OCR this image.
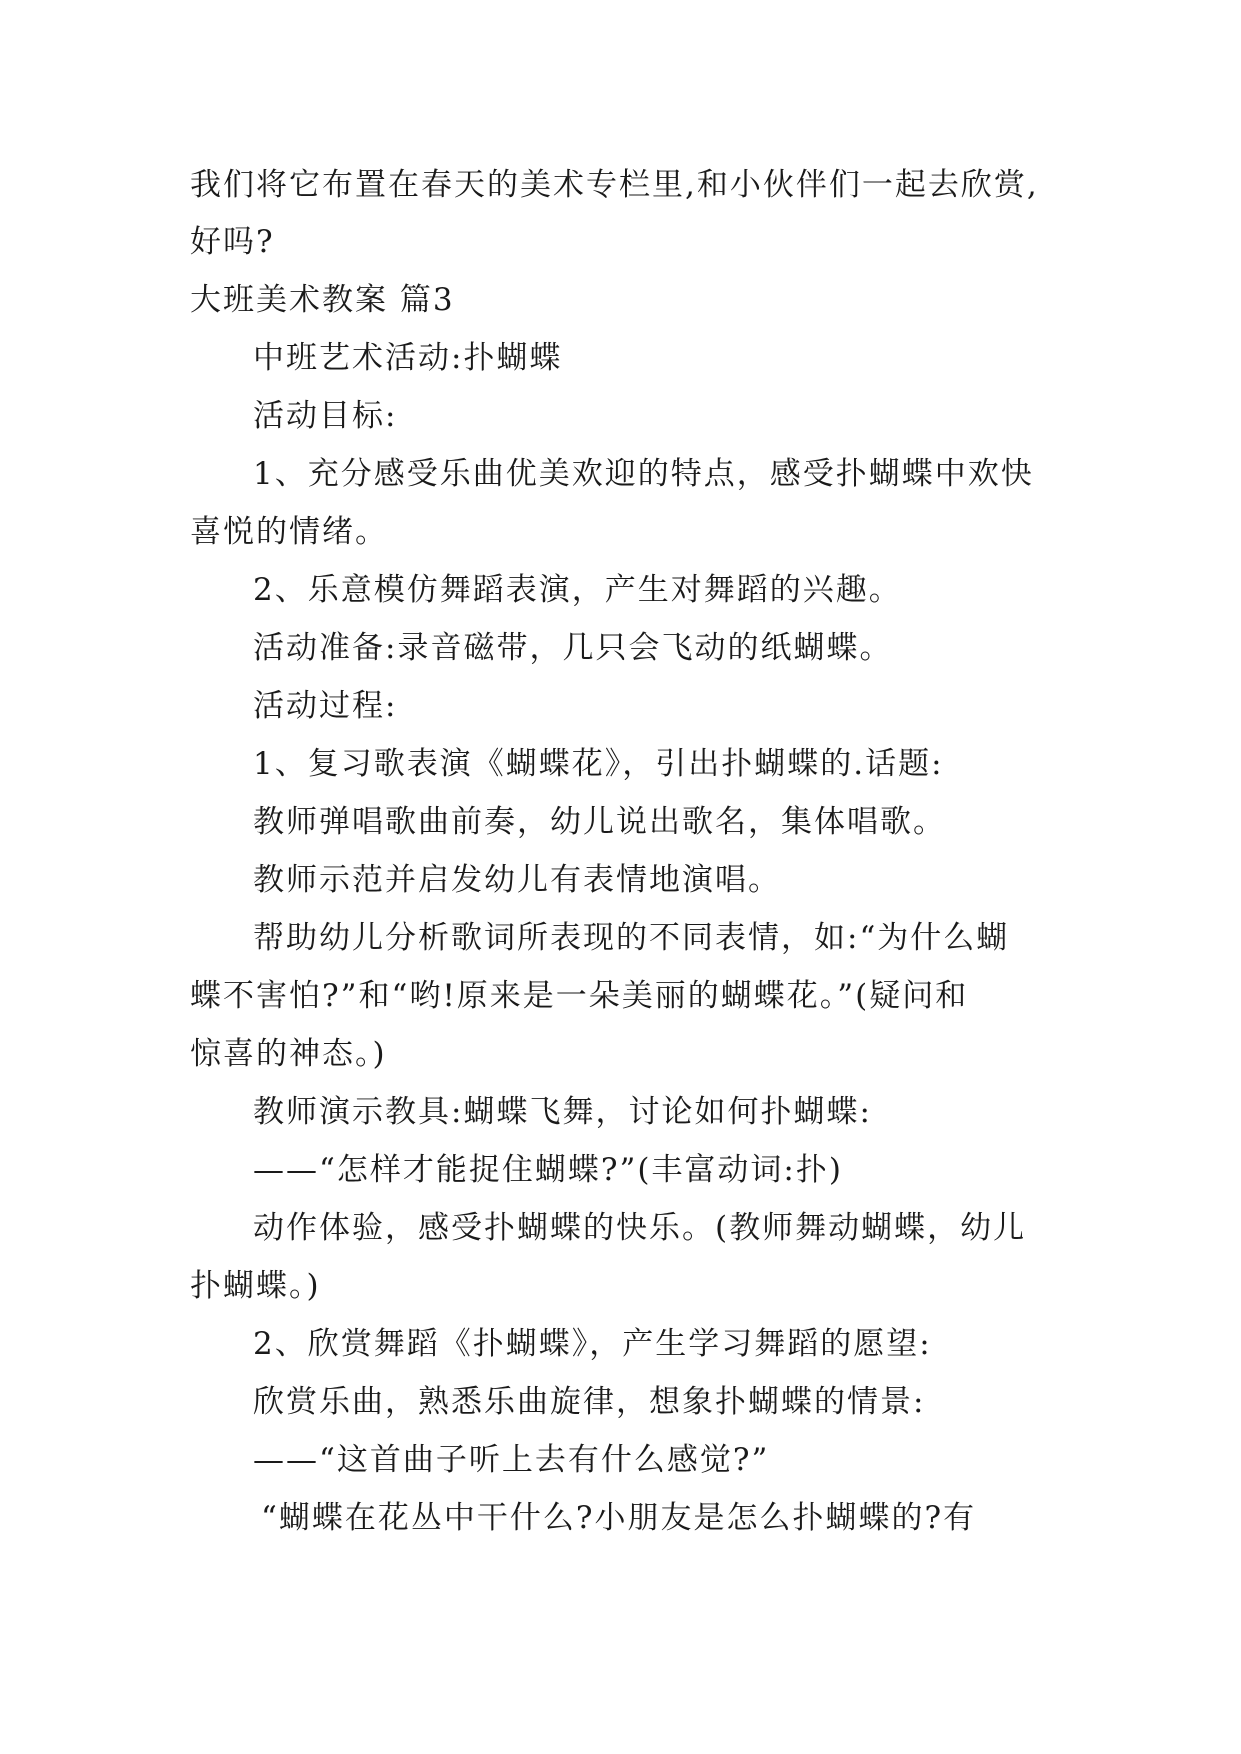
我们将它布置在春天的美术专栏里,和小伙伴们一起去欣赏,
好吗?
大班美术教案 篇3
中班艺术活动:扑蝴蝶
活动目标:
1、充分感受乐曲优美欢迎的特点，感受扑蝴蝶中欢快
喜悦的情绪。
2、乐意模仿舞蹈表演，产生对舞蹈的兴趣。
活动准备:录音磁带，几只会飞动的纸蝴蝶。
活动过程:
1、复习歌表演《蝴蝶花》，引出扑蝴蝶的.话题:
教师弹唱歌曲前奏，幼儿说出歌名，集体唱歌。
教师示范并启发幼儿有表情地演唱。
帮助幼儿分析歌词所表现的不同表情，如:“为什么蝴
蝶不害怕?”和“哟!原来是一朵美丽的蝴蝶花。”(疑问和
惊喜的神态。)
教师演示教具:蝴蝶飞舞，讨论如何扑蝴蝶:
——“怎样才能捉住蝴蝶?”(丰富动词:扑)
动作体验，感受扑蝴蝶的快乐。(教师舞动蝴蝶，幼儿
扑蝴蝶。)
2、欣赏舞蹈《扑蝴蝶》，产生学习舞蹈的愿望:
欣赏乐曲，熟悉乐曲旋律，想象扑蝴蝶的情景:
——“这首曲子听上去有什么感觉?”
“蝴蝶在花丛中干什么?小朋友是怎么扑蝴蝶的?有
